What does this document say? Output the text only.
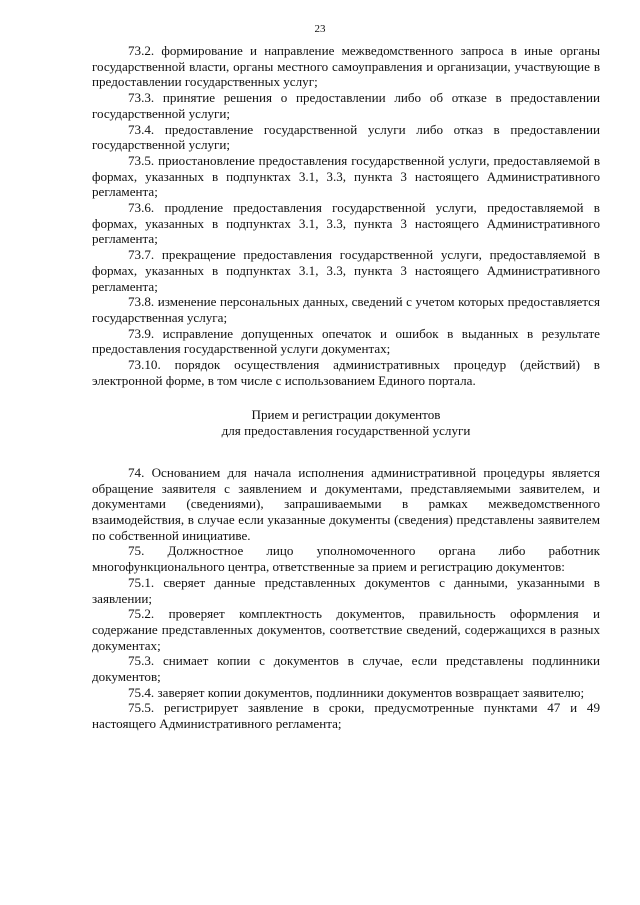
23

73.2. формирование и направление межведомственного запроса в иные органы государственной власти, органы местного самоуправления и организации, участвующие в предоставлении государственных услуг;

73.3. принятие решения о предоставлении либо об отказе в предоставлении государственной услуги;

73.4. предоставление государственной услуги либо отказ в предоставлении государственной услуги;

73.5. приостановление предоставления государственной услуги, предоставляемой в формах, указанных в подпунктах 3.1, 3.3, пункта 3 настоящего Административного регламента;

73.6. продление предоставления государственной услуги, предоставляемой в формах, указанных в подпунктах 3.1, 3.3, пункта 3 настоящего Административного регламента;

73.7. прекращение предоставления государственной услуги, предоставляемой в формах, указанных в подпунктах 3.1, 3.3, пункта 3 настоящего Административного регламента;

73.8. изменение персональных данных, сведений с учетом которых предоставляется государственная услуга;

73.9. исправление допущенных опечаток и ошибок в выданных в результате предоставления государственной услуги документах;

73.10. порядок осуществления административных процедур (действий) в электронной форме, в том числе с использованием Единого портала.

Прием и регистрации документов
для предоставления государственной услуги

74. Основанием для начала исполнения административной процедуры является обращение заявителя с заявлением и документами, представляемыми заявителем, и документами (сведениями), запрашиваемыми в рамках межведомственного взаимодействия, в случае если указанные документы (сведения) представлены заявителем по собственной инициативе.

75. Должностное лицо уполномоченного органа либо работник многофункционального центра, ответственные за прием и регистрацию документов:

75.1. сверяет данные представленных документов с данными, указанными в заявлении;

75.2. проверяет комплектность документов, правильность оформления и содержание представленных документов, соответствие сведений, содержащихся в разных документах;

75.3. снимает копии с документов в случае, если представлены подлинники документов;

75.4. заверяет копии документов, подлинники документов возвращает заявителю;

75.5. регистрирует заявление в сроки, предусмотренные пунктами 47 и 49 настоящего Административного регламента;
